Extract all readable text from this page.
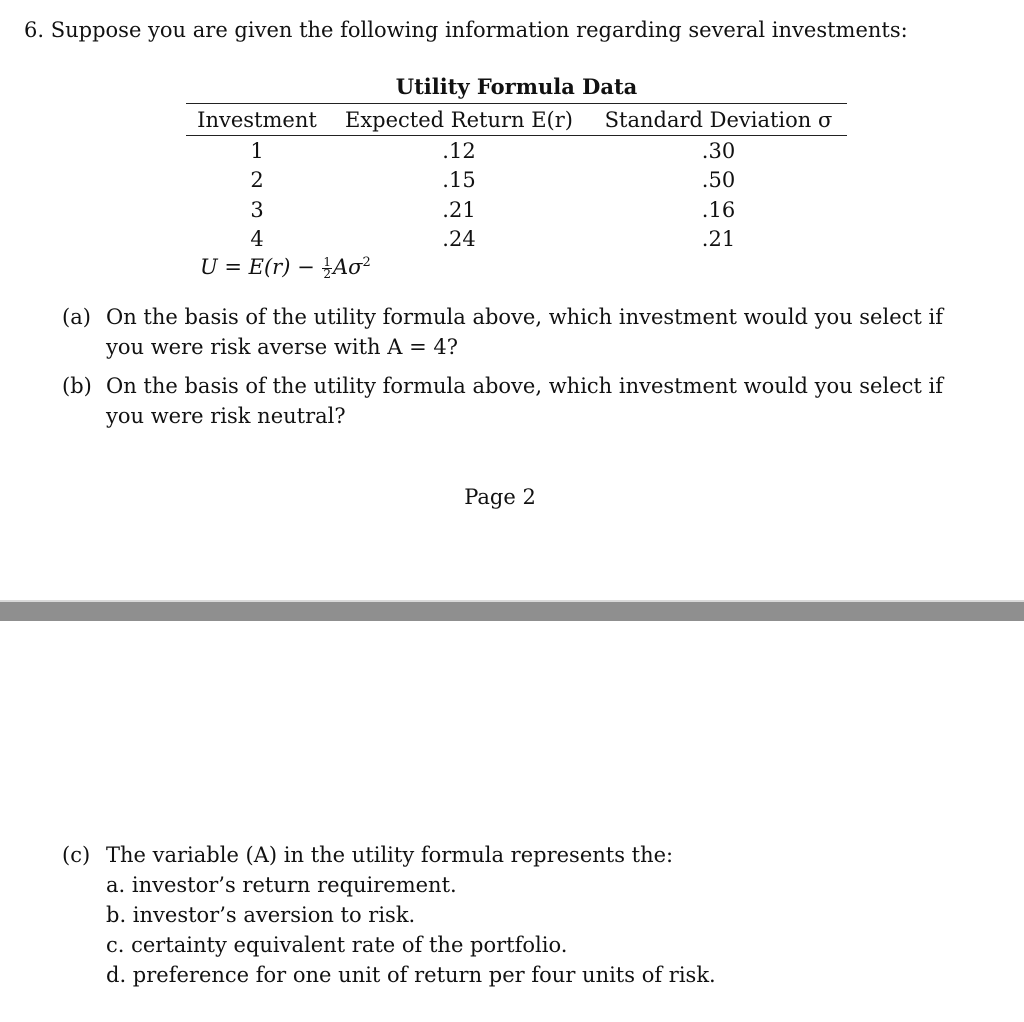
6. Suppose you are given the following information regarding several investments:
Utility Formula Data
Investment	Expected Return E(r)	Standard Deviation σ
1	.12	.30
2	.15	.50
3	.21	.16
4	.24	.21
$U = E(r) - \frac{1}{2} A\sigma^2$
(a) On the basis of the utility formula above, which investment would you select if you were risk averse with A = 4?
(b) On the basis of the utility formula above, which investment would you select if you were risk neutral?
Page 2
(c) The variable (A) in the utility formula represents the:
a. investor’s return requirement.
b. investor’s aversion to risk.
c. certainty equivalent rate of the portfolio.
d. preference for one unit of return per four units of risk.
